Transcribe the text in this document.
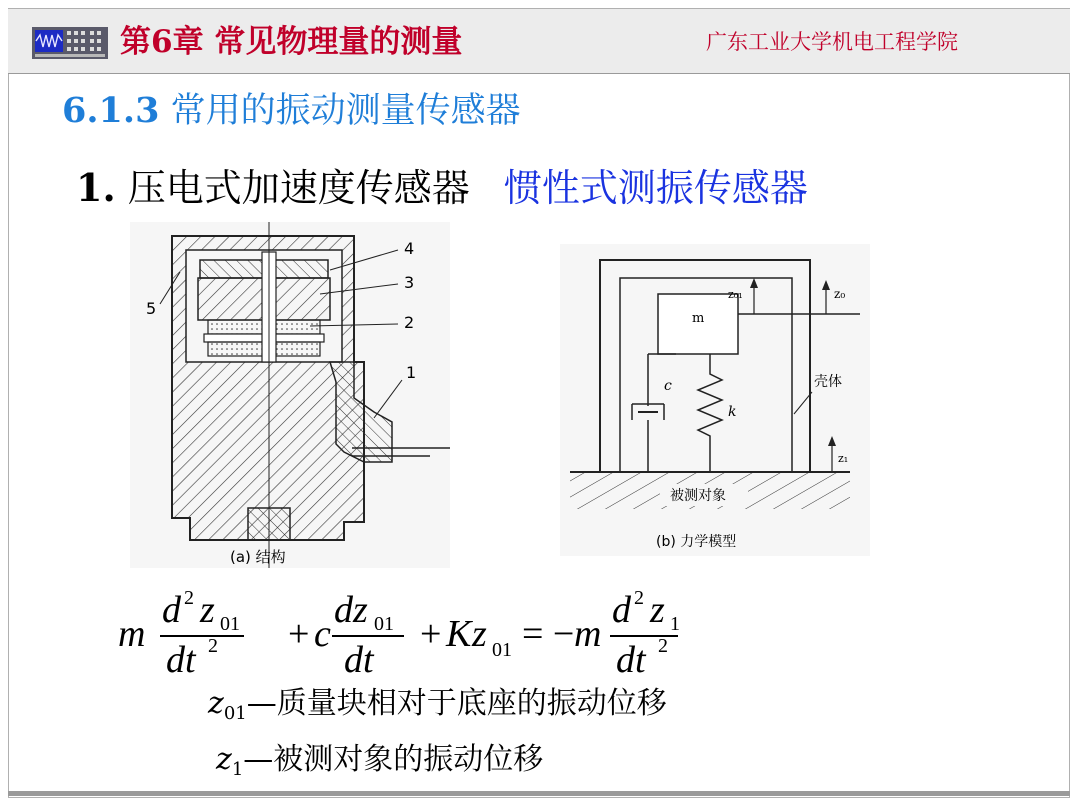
第6章 常见物理量的测量	广东工业大学机电工程学院
6.1.3 常用的振动测量传感器
1. 压电式加速度传感器 惯性式测振传感器
4
3
2
1
5
(a) 结构
m
c
k
z₀₁	z₀
z₁
壳体
被测对象
(b) 力学模型
m
d z
dt
+ c
dz
dt
+ K z = − m
d z
dt
2
01
2
01
01
2
1
2
$z_{01}—$质量块相对于底座的振动位移
$z_1—$被测对象的振动位移
